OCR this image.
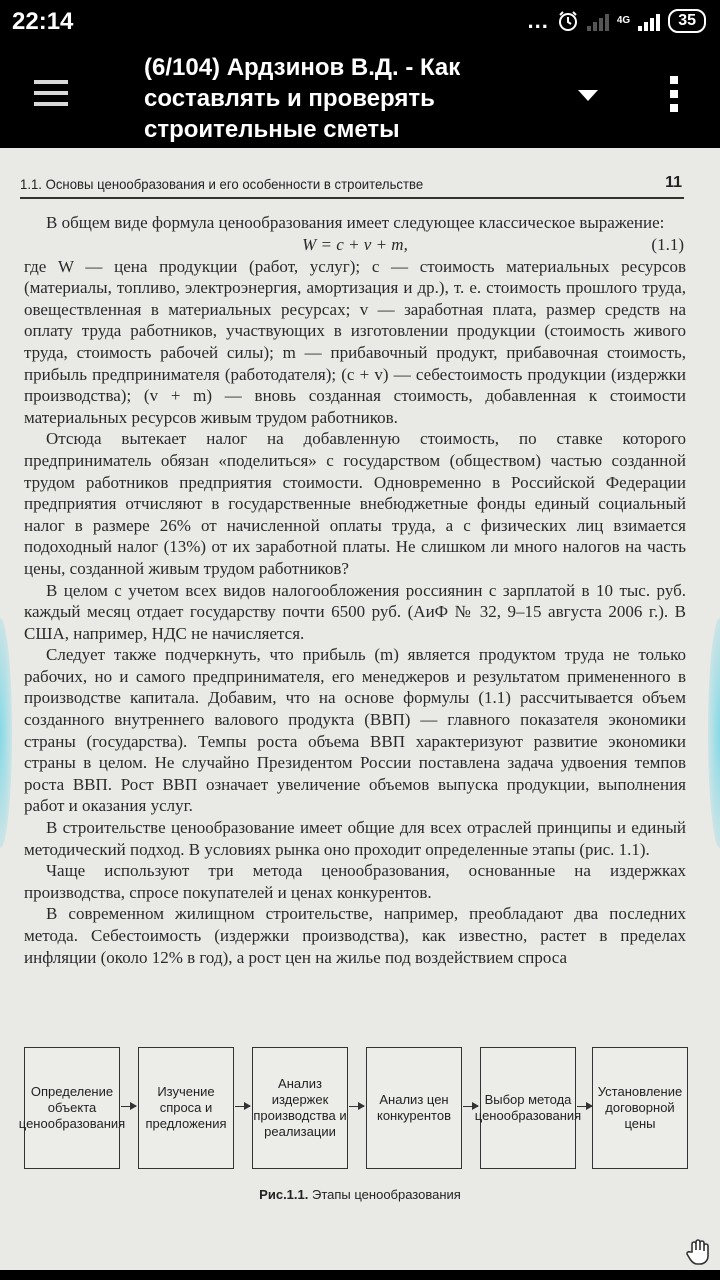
22:14	...	4G	35
(6/104) Ардзинов В.Д. - Как составлять и проверять строительные сметы
1.1. Основы ценообразования и его особенности в строительстве	11

В общем виде формула ценообразования имеет следующее классическое выражение:

W = c + v + m,	(1.1)

где W — цена продукции (работ, услуг); c — стоимость материальных ресурсов (материалы, топливо, электроэнергия, амортизация и др.), т. е. стоимость прошлого труда, овеществленная в материальных ресурсах; v — заработная плата, размер средств на оплату труда работников, участвующих в изготовлении продукции (стоимость живого труда, стоимость рабочей силы); m — прибавочный продукт, прибавочная стоимость, прибыль предпринимателя (работодателя); (c + v) — себестоимость продукции (издержки производства); (v + m) — вновь созданная стоимость, добавленная к стоимости материальных ресурсов живым трудом работников.

Отсюда вытекает налог на добавленную стоимость, по ставке которого предприниматель обязан «поделиться» с государством (обществом) частью созданной трудом работников предприятия стоимости. Одновременно в Российской Федерации предприятия отчисляют в государственные внебюджетные фонды единый социальный налог в размере 26% от начисленной оплаты труда, а с физических лиц взимается подоходный налог (13%) от их заработной платы. Не слишком ли много налогов на часть цены, созданной живым трудом работников?

В целом с учетом всех видов налогообложения россиянин с зарплатой в 10 тыс. руб. каждый месяц отдает государству почти 6500 руб. (АиФ № 32, 9–15 августа 2006 г.). В США, например, НДС не начисляется.

Следует также подчеркнуть, что прибыль (m) является продуктом труда не только рабочих, но и самого предпринимателя, его менеджеров и результатом примененного в производстве капитала. Добавим, что на основе формулы (1.1) рассчитывается объем созданного внутреннего валового продукта (ВВП) — главного показателя экономики страны (государства). Темпы роста объема ВВП характеризуют развитие экономики страны в целом. Не случайно Президентом России поставлена задача удвоения темпов роста ВВП. Рост ВВП означает увеличение объемов выпуска продукции, выполнения работ и оказания услуг.

В строительстве ценообразование имеет общие для всех отраслей принципы и единый методический подход. В условиях рынка оно проходит определенные этапы (рис. 1.1).

Чаще используют три метода ценообразования, основанные на издержках производства, спросе покупателей и ценах конкурентов.

В современном жилищном строительстве, например, преобладают два последних метода. Себестоимость (издержки производства), как известно, растет в пределах инфляции (около 12% в год), а рост цен на жилье под воздействием спроса

Определение объекта ценообразования
Изучение спроса и предложения
Анализ издержек производства и реализации
Анализ цен конкурентов
Выбор метода ценообразования
Установление договорной цены
Рис.1.1. Этапы ценообразования
